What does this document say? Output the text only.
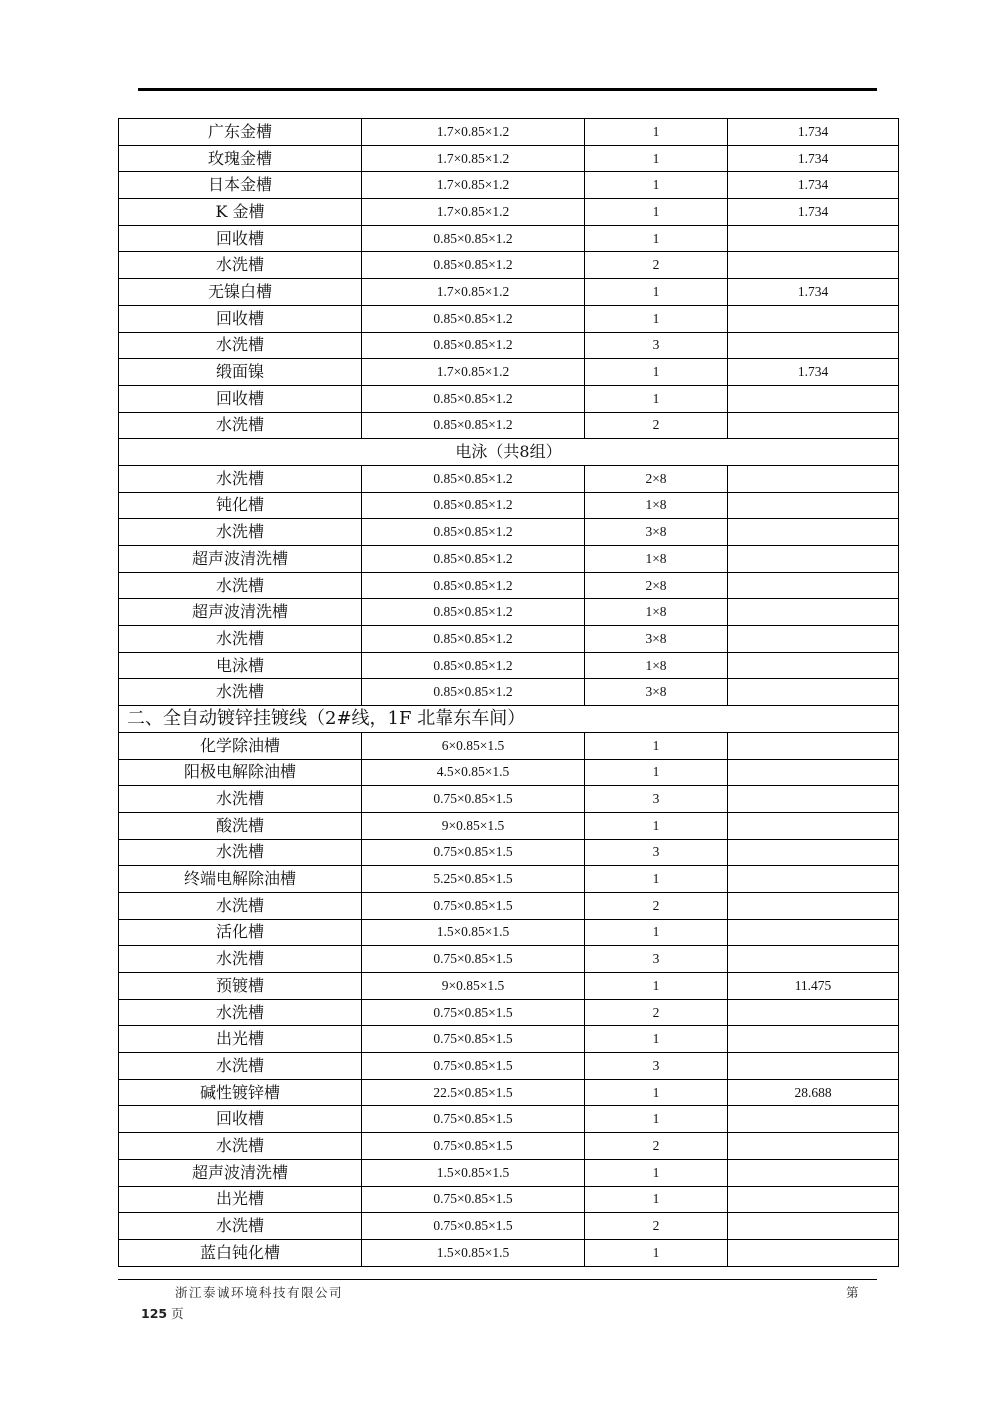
广东金槽	1.7×0.85×1.2	1	1.734
玫瑰金槽	1.7×0.85×1.2	1	1.734
日本金槽	1.7×0.85×1.2	1	1.734
K 金槽	1.7×0.85×1.2	1	1.734
回收槽	0.85×0.85×1.2	1	
水洗槽	0.85×0.85×1.2	2	
无镍白槽	1.7×0.85×1.2	1	1.734
回收槽	0.85×0.85×1.2	1	
水洗槽	0.85×0.85×1.2	3	
缎面镍	1.7×0.85×1.2	1	1.734
回收槽	0.85×0.85×1.2	1	
水洗槽	0.85×0.85×1.2	2	
电泳（共8组）			
水洗槽	0.85×0.85×1.2	2×8	
钝化槽	0.85×0.85×1.2	1×8	
水洗槽	0.85×0.85×1.2	3×8	
超声波清洗槽	0.85×0.85×1.2	1×8	
水洗槽	0.85×0.85×1.2	2×8	
超声波清洗槽	0.85×0.85×1.2	1×8	
水洗槽	0.85×0.85×1.2	3×8	
电泳槽	0.85×0.85×1.2	1×8	
水洗槽	0.85×0.85×1.2	3×8	
二、全自动镀锌挂镀线（2#线，1F 北靠东车间）			
化学除油槽	6×0.85×1.5	1	
阳极电解除油槽	4.5×0.85×1.5	1	
水洗槽	0.75×0.85×1.5	3	
酸洗槽	9×0.85×1.5	1	
水洗槽	0.75×0.85×1.5	3	
终端电解除油槽	5.25×0.85×1.5	1	
水洗槽	0.75×0.85×1.5	2	
活化槽	1.5×0.85×1.5	1	
水洗槽	0.75×0.85×1.5	3	
预镀槽	9×0.85×1.5	1	11.475
水洗槽	0.75×0.85×1.5	2	
出光槽	0.75×0.85×1.5	1	
水洗槽	0.75×0.85×1.5	3	
碱性镀锌槽	22.5×0.85×1.5	1	28.688
回收槽	0.75×0.85×1.5	1	
水洗槽	0.75×0.85×1.5	2	
超声波清洗槽	1.5×0.85×1.5	1	
出光槽	0.75×0.85×1.5	1	
水洗槽	0.75×0.85×1.5	2	
蓝白钝化槽	1.5×0.85×1.5	1	
浙江泰诚环境科技有限公司	第
125 页
